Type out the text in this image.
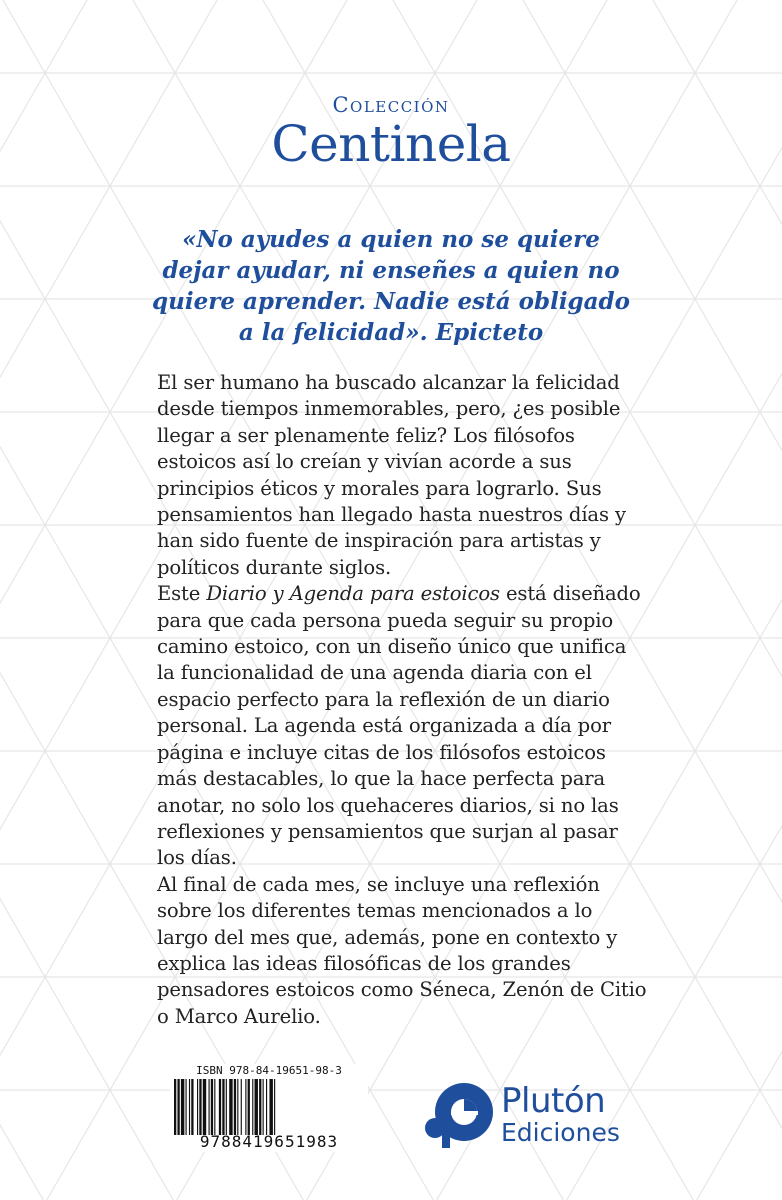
Colección
Centinela
«No ayudes a quien no se quiere dejar ayudar, ni enseñes a quien no quiere aprender. Nadie está obligado a la felicidad». Epicteto
El ser humano ha buscado alcanzar la felicidad desde tiempos inmemorables, pero, ¿es posible llegar a ser plenamente feliz? Los filósofos estoicos así lo creían y vivían acorde a sus principios éticos y morales para lograrlo. Sus pensamientos han llegado hasta nuestros días y han sido fuente de inspiración para artistas y políticos durante siglos.
Este Diario y Agenda para estoicos está diseñado para que cada persona pueda seguir su propio camino estoico, con un diseño único que unifica la funcionalidad de una agenda diaria con el espacio perfecto para la reflexión de un diario personal. La agenda está organizada a día por página e incluye citas de los filósofos estoicos más destacables, lo que la hace perfecta para anotar, no solo los quehaceres diarios, si no las reflexiones y pensamientos que surjan al pasar los días.
Al final de cada mes, se incluye una reflexión sobre los diferentes temas mencionados a lo largo del mes que, además, pone en contexto y explica las ideas filosóficas de los grandes pensadores estoicos como Séneca, Zenón de Citio o Marco Aurelio.
ISBN 978-84-19651-98-3
9788419651983
Plutón
Ediciones
